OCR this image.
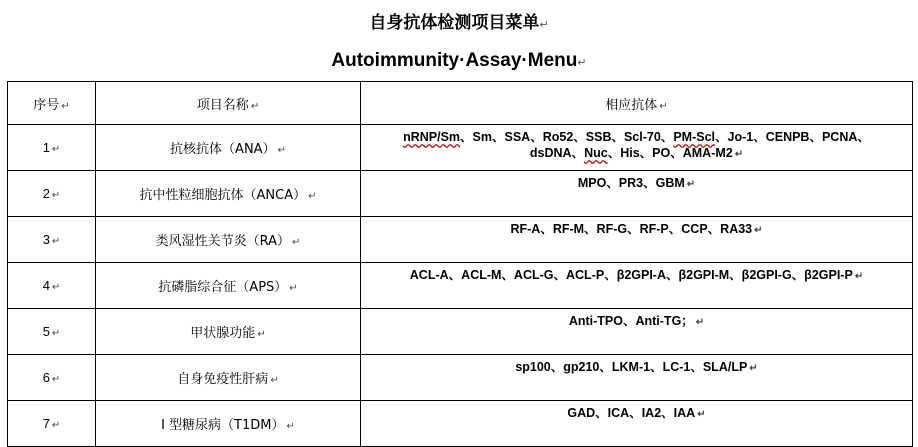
自身抗体检测项目菜单↵
Autoimmunity·Assay·Menu↵
序号 ↵	项目名称 ↵	相应抗体 ↵
1 ↵	抗核抗体（ANA） ↵	nRNP/Sm、Sm、SSA、Ro52、SSB、Scl-70、PM-Scl、Jo-1、CENPB、PCNA、
dsDNA、Nuc、His、PO、AMA-M2 ↵
2 ↵	抗中性粒细胞抗体（ANCA） ↵	MPO、PR3、GBM ↵
3 ↵	类风湿性关节炎（RA） ↵	RF-A、RF-M、RF-G、RF-P、CCP、RA33 ↵
4 ↵	抗磷脂综合征（APS） ↵	ACL-A、ACL-M、ACL-G、ACL-P、β2GPI-A、β2GPI-M、β2GPI-G、β2GPI-P ↵
5 ↵	甲状腺功能 ↵	Anti-TPO、Anti-TG； ↵
6 ↵	自身免疫性肝病 ↵	sp100、gp210、LKM-1、LC-1、SLA/LP ↵
7 ↵	I 型糖尿病（T1DM） ↵	GAD、ICA、IA2、IAA ↵
